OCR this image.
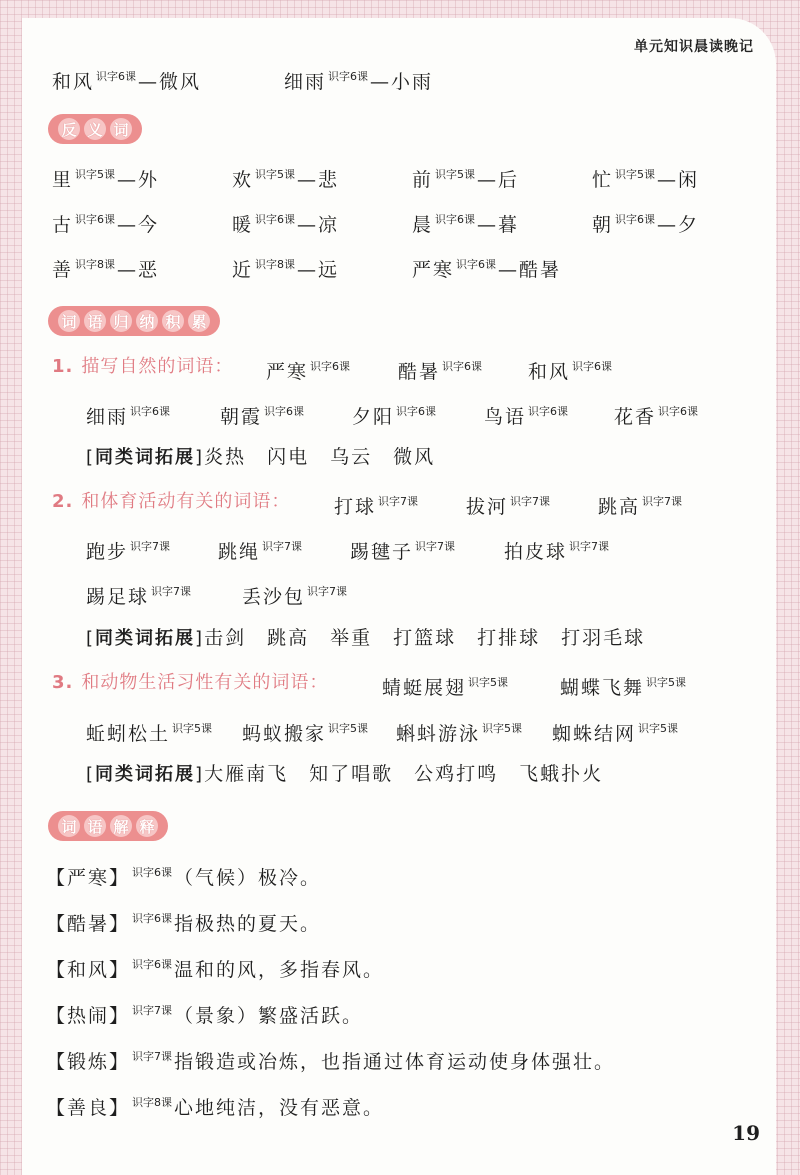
单元知识晨读晚记
和风 $^{识字6课}$ —微风	细雨 $^{识字6课}$ —小雨
反 义 词
里 $^{识字5课}$ —外	欢 $^{识字5课}$ —悲	前 $^{识字5课}$ —后	忙 $^{识字5课}$ —闲
古 $^{识字6课}$ —今	暖 $^{识字6课}$ —凉	晨 $^{识字6课}$ —暮	朝 $^{识字6课}$ —夕
善 $^{识字8课}$ —恶	近 $^{识字8课}$ —远	严寒 $^{识字6课}$ —酷暑
词 语 归 纳 积 累
1. 描写自然的词语： 严寒 $^{识字6课}$	酷暑 $^{识字6课}$ 和风 $^{识字6课}$
细雨 $^{识字6课}$	朝霞 $^{识字6课}$	夕阳 $^{识字6课}$	鸟语 $^{识字6课}$ 花香 $^{识字6课}$
[同类词拓展]炎热　闪电　乌云　微风
2. 和体育活动有关的词语： 打球 $^{识字7课}$	拔河 $^{识字7课}$	跳高 $^{识字7课}$
跑步 $^{识字7课}$	跳绳 $^{识字7课}$	踢毽子 $^{识字7课}$	拍皮球 $^{识字7课}$
踢足球 $^{识字7课}$	丢沙包 $^{识字7课}$
[同类词拓展]击剑　跳高　举重　打篮球　打排球　打羽毛球
3. 和动物生活习性有关的词语：	蜻蜓展翅 $^{识字5课}$	蝴蝶飞舞 $^{识字5课}$
蚯蚓松土 $^{识字5课}$ 蚂蚁搬家 $^{识字5课}$ 蝌蚪游泳 $^{识字5课}$ 蜘蛛结网 $^{识字5课}$
[同类词拓展]大雁南飞　知了唱歌　公鸡打鸣　飞蛾扑火
词 语 解 释
【严寒】 $^{识字6课}$ （气候）极冷。
【酷暑】 $^{识字6课}$ 指极热的夏天。
【和风】 $^{识字6课}$ 温和的风，多指春风。
【热闹】 $^{识字7课}$ （景象）繁盛活跃。
【锻炼】 $^{识字7课}$ 指锻造或冶炼，也指通过体育运动使身体强壮。
【善良】 $^{识字8课}$ 心地纯洁，没有恶意。
19
